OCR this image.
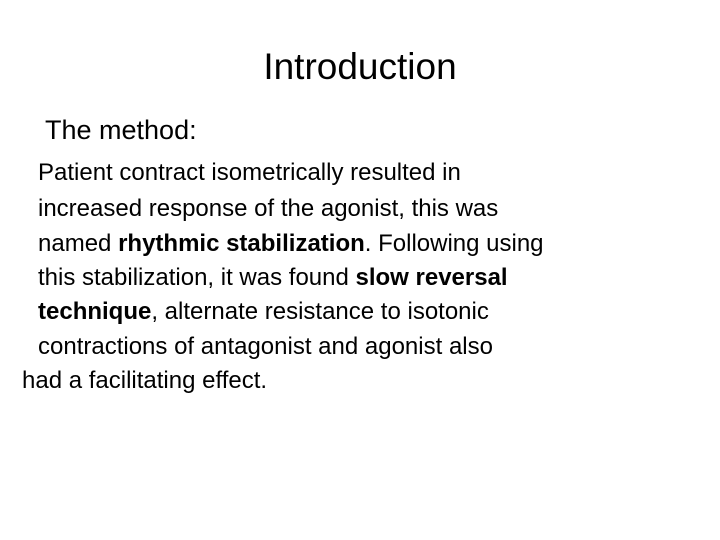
Introduction
The method:
Patient contract isometrically resulted in
increased response of the agonist, this was
named rhythmic stabilization. Following using
this stabilization, it was found slow reversal
technique, alternate resistance to isotonic
contractions of antagonist and agonist also
had a facilitating effect.
